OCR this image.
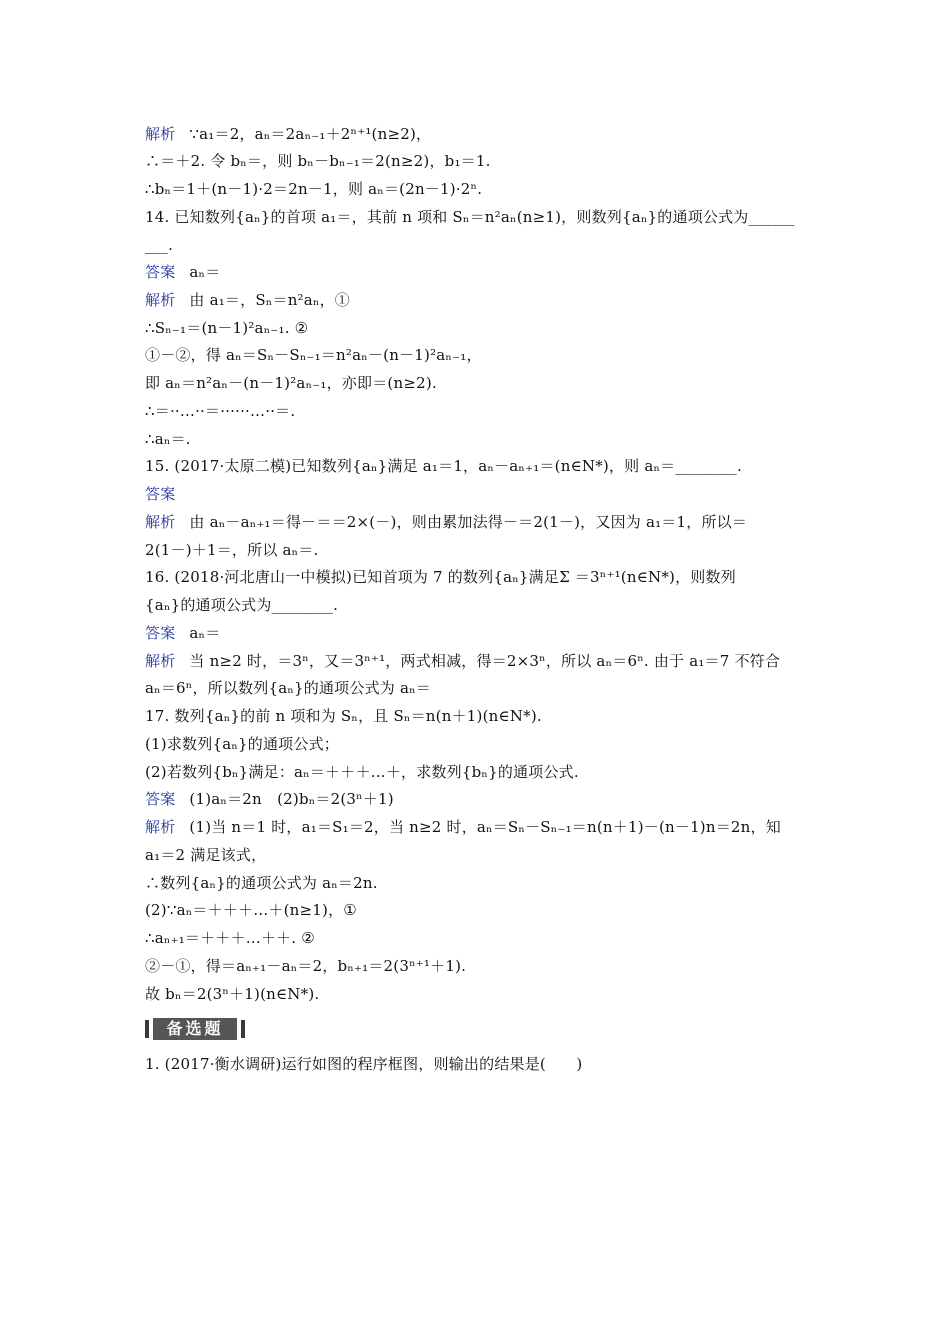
解析 ∵a₁＝2，aₙ＝2aₙ₋₁＋2ⁿ⁺¹(n≥2)，
∴＝＋2. 令 bₙ＝，则 bₙ－bₙ₋₁＝2(n≥2)，b₁＝1.
∴bₙ＝1＋(n－1)·2＝2n－1，则 aₙ＝(2n－1)·2ⁿ.
14. 已知数列{aₙ}的首项 a₁＝，其前 n 项和 Sₙ＝n²aₙ(n≥1)，则数列{aₙ}的通项公式为______
___.
答案 aₙ＝
解析 由 a₁＝，Sₙ＝n²aₙ，①
∴Sₙ₋₁＝(n－1)²aₙ₋₁. ②
①－②，得 aₙ＝Sₙ－Sₙ₋₁＝n²aₙ－(n－1)²aₙ₋₁，
即 aₙ＝n²aₙ－(n－1)²aₙ₋₁，亦即＝(n≥2).
∴＝··…··＝······…··＝.
∴aₙ＝.
15. (2017·太原二模)已知数列{aₙ}满足 a₁＝1，aₙ－aₙ₊₁＝(n∈N*)，则 aₙ＝________.
答案
解析 由 aₙ－aₙ₊₁＝得－＝＝2×(－)，则由累加法得－＝2(1－)，又因为 a₁＝1，所以＝
2(1－)＋1＝，所以 aₙ＝.
16. (2018·河北唐山一中模拟)已知首项为 7 的数列{aₙ}满足Σ ＝3ⁿ⁺¹(n∈N*)，则数列
{aₙ}的通项公式为________.
答案 aₙ＝
解析 当 n≥2 时，＝3ⁿ，又＝3ⁿ⁺¹，两式相减，得＝2×3ⁿ，所以 aₙ＝6ⁿ. 由于 a₁＝7 不符合
aₙ＝6ⁿ，所以数列{aₙ}的通项公式为 aₙ＝
17. 数列{aₙ}的前 n 项和为 Sₙ，且 Sₙ＝n(n＋1)(n∈N*).
(1)求数列{aₙ}的通项公式；
(2)若数列{bₙ}满足：aₙ＝＋＋＋…＋，求数列{bₙ}的通项公式.
答案 (1)aₙ＝2n　(2)bₙ＝2(3ⁿ＋1)
解析 (1)当 n＝1 时，a₁＝S₁＝2，当 n≥2 时，aₙ＝Sₙ－Sₙ₋₁＝n(n＋1)－(n－1)n＝2n，知
a₁＝2 满足该式，
∴数列{aₙ}的通项公式为 aₙ＝2n.
(2)∵aₙ＝＋＋＋…＋(n≥1)，①
∴aₙ₊₁＝＋＋＋…＋＋. ②
②－①，得＝aₙ₊₁－aₙ＝2，bₙ₊₁＝2(3ⁿ⁺¹＋1).
故 bₙ＝2(3ⁿ＋1)(n∈N*).
备选题
1. (2017·衡水调研)运行如图的程序框图，则输出的结果是(　　)
